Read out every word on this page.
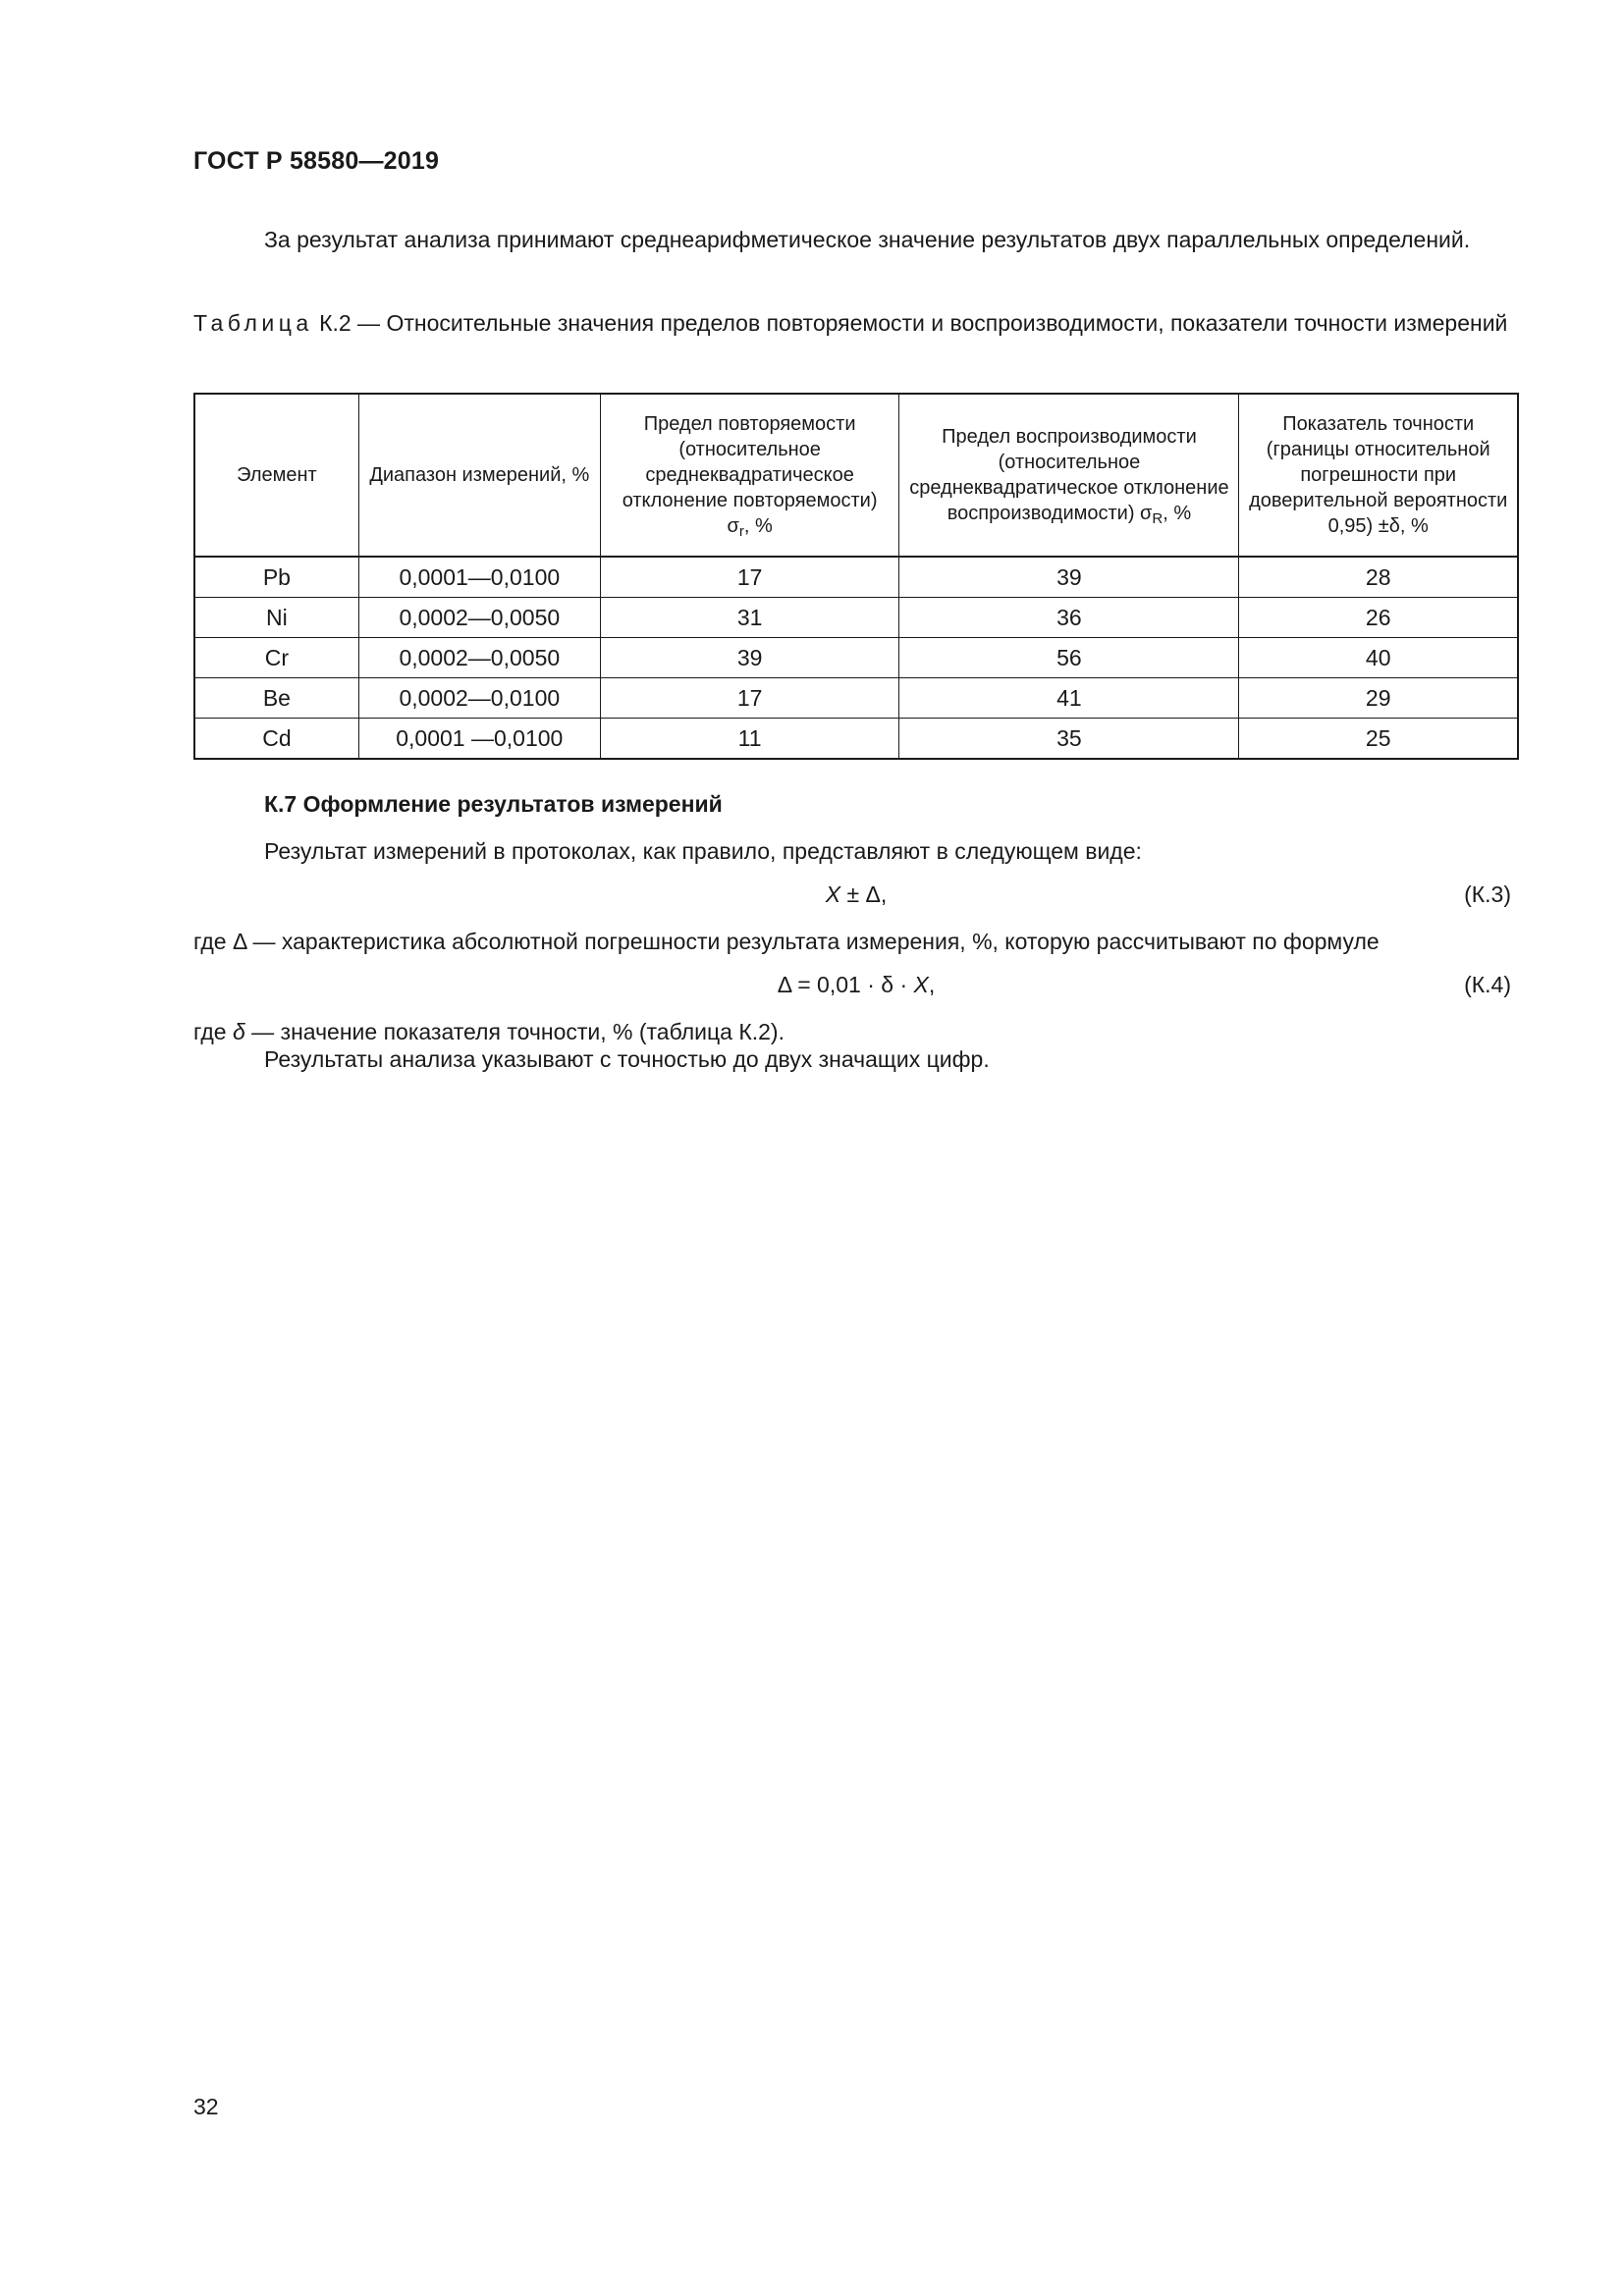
ГОСТ Р 58580—2019
За результат анализа принимают среднеарифметическое значение результатов двух параллельных определений.
Таблица К.2 — Относительные значения пределов повторяемости и воспроизводимости, показатели точности измерений
Элемент	Диапазон измерений, %	Предел повторяемости (относительное среднеквадратическое отклонение повторяемости) $\sigma_r$, %	Предел воспроизводимости (относительное среднеквадратическое отклонение воспроизводимости) $\sigma_R$, %	Показатель точности (границы относительной погрешности при доверительной вероятности 0,95) ±δ, %
Pb	0,0001—0,0100	17	39	28
Ni	0,0002—0,0050	31	36	26
Cr	0,0002—0,0050	39	56	40
Be	0,0002—0,0100	17	41	29
Cd	0,0001 —0,0100	11	35	25
К.7 Оформление результатов измерений
Результат измерений в протоколах, как правило, представляют в следующем виде:
X ± Δ,	(К.3)
где Δ — характеристика абсолютной погрешности результата измерения, %, которую рассчитывают по формуле
Δ = 0,01 · δ · X,	(К.4)
где δ — значение показателя точности, % (таблица К.2).
Результаты анализа указывают с точностью до двух значащих цифр.
32
